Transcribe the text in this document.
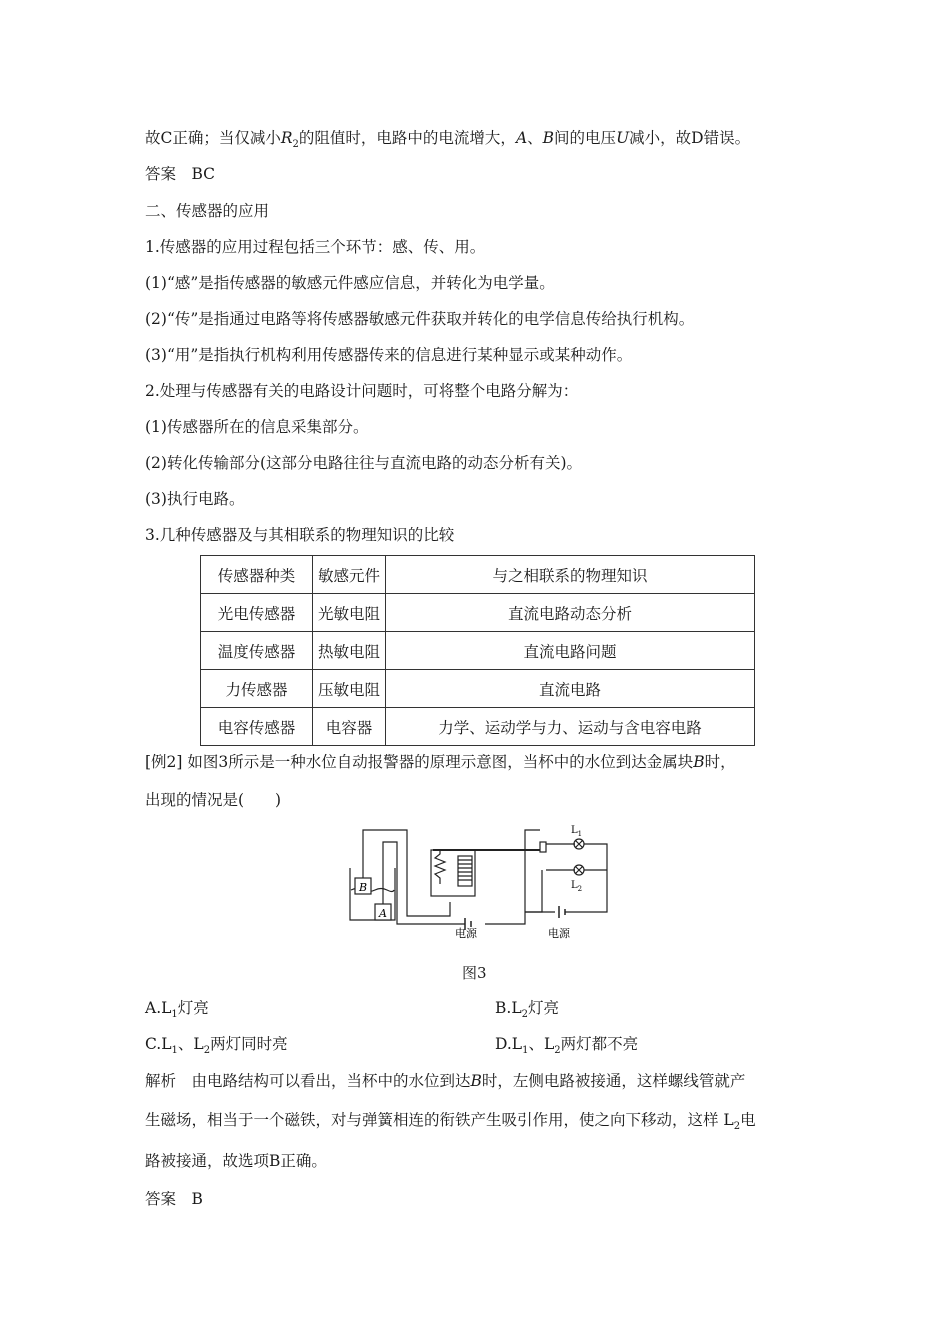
故C正确；当仅减小$R_2$的阻值时，电路中的电流增大，A、B间的电压U减小，故D错误。
答案　BC
二、传感器的应用
1.传感器的应用过程包括三个环节：感、传、用。
(1)“感”是指传感器的敏感元件感应信息，并转化为电学量。
(2)“传”是指通过电路等将传感器敏感元件获取并转化的电学信息传给执行机构。
(3)“用”是指执行机构利用传感器传来的信息进行某种显示或某种动作。
2.处理与传感器有关的电路设计问题时，可将整个电路分解为：
(1)传感器所在的信息采集部分。
(2)转化传输部分(这部分电路往往与直流电路的动态分析有关)。
(3)执行电路。
3.几种传感器及与其相联系的物理知识的比较
传感器种类	敏感元件	与之相联系的物理知识
光电传感器	光敏电阻	直流电路动态分析
温度传感器	热敏电阻	直流电路问题
力传感器	压敏电阻	直流电路
电容传感器	电容器	力学、运动学与力、运动与含电容电路
[例2] 如图3所示是一种水位自动报警器的原理示意图，当杯中的水位到达金属块B时，
出现的情况是(　　)
B
A
$L_1$
$L_2$
电源	电源
图3
$A.L_1$灯亮	$B.L_2$灯亮
$C.L_1$、$L_2$两灯同时亮	$D.L_1$、$L_2$两灯都不亮
解析　由电路结构可以看出，当杯中的水位到达B时，左侧电路被接通，这样螺线管就产
生磁场，相当于一个磁铁，对与弹簧相连的衔铁产生吸引作用，使之向下移动，这样 $L_2$电
路被接通，故选项B正确。
答案　B
